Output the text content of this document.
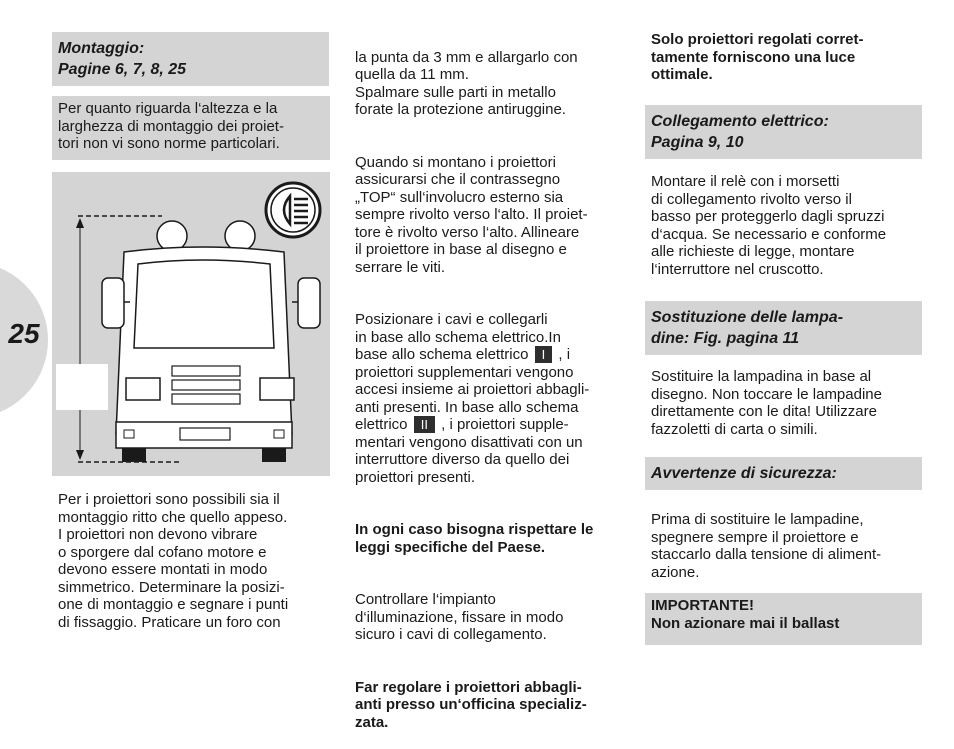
25
Montaggio:
Pagine 6, 7, 8, 25
Per quanto riguarda l‘altezza e la
larghezza di montaggio dei proiet-
tori non vi sono norme particolari.
Per i proiettori sono possibili sia il
montaggio ritto che quello appeso.
I proiettori non devono vibrare
o sporgere dal cofano motore e
devono essere montati in modo
simmetrico. Determinare la posizi-
one di montaggio e segnare i punti
di fissaggio. Praticare un foro con

la punta da 3 mm e allargarlo con
quella da 11 mm.
Spalmare sulle parti in metallo
forate la protezione antiruggine.

Quando si montano i proiettori
assicurarsi che il contrassegno
„TOP“ sull‘involucro esterno sia
sempre rivolto verso l‘alto. Il proiet-
tore è rivolto verso l‘alto. Allineare
il proiettore in base al disegno e
serrare le viti.

Posizionare i cavi e collegarli
in base allo schema elettrico.In
base allo schema elettrico I , i
proiettori supplementari vengono
accesi insieme ai proiettori abbagli-
anti presenti. In base allo schema
elettrico II , i proiettori supple-
mentari vengono disattivati con un
interruttore diverso da quello dei
proiettori presenti.

In ogni caso bisogna rispettare le
leggi specifiche del Paese.

Controllare l‘impianto
d‘illuminazione, fissare in modo
sicuro i cavi di collegamento.

Far regolare i proiettori abbagli-
anti presso un‘officina specializ-
zata.

Solo proiettori regolati corret-
tamente forniscono una luce
ottimale.
Collegamento elettrico:
Pagina 9, 10
Montare il relè con i morsetti
di collegamento rivolto verso il
basso per proteggerlo dagli spruzzi
d‘acqua. Se necessario e conforme
alle richieste di legge, montare
l‘interruttore nel cruscotto.
Sostituzione delle lampa-
dine: Fig. pagina 11
Sostituire la lampadina in base al
disegno. Non toccare le lampadine
direttamente con le dita! Utilizzare
fazzoletti di carta o simili.
Avvertenze di sicurezza:
Prima di sostituire le lampadine,
spegnere sempre il proiettore e
staccarlo dalla tensione di aliment-
azione.
IMPORTANTE!
Non azionare mai il ballast
